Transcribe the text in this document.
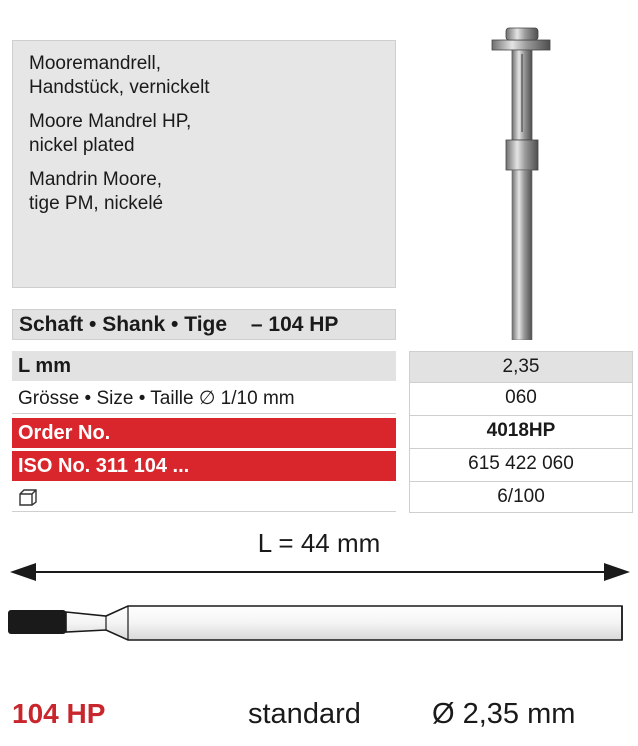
Mooremandrell,
Handstück, vernickelt

Moore Mandrel HP,
nickel plated

Mandrin Moore,
tige PM, nickelé

Schaft • Shank • Tige – 104 HP
L mm
Grösse • Size • Taille ∅ 1/10 mm
Order No.
ISO No. 311 104 ...
2,35
060
4018HP
615 422 060
6/100
L = 44 mm
104 HP	standard Ø 2,35 mm
